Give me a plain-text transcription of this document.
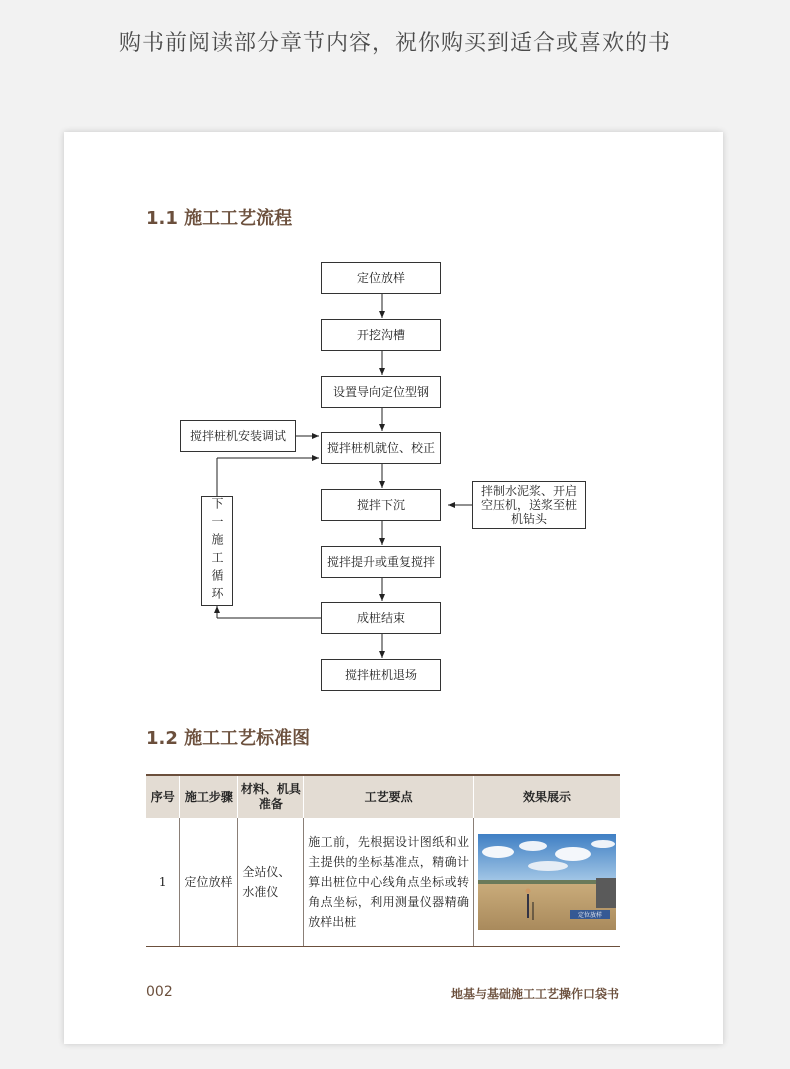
购书前阅读部分章节内容，祝你购买到适合或喜欢的书
1.1 施工工艺流程
定位放样
开挖沟槽
设置导向定位型钢
搅拌桩机就位、校正
搅拌下沉
搅拌提升或重复搅拌
成桩结束
搅拌桩机退场
搅拌桩机安装调试
拌制水泥浆、开启空压机，送浆至桩机钻头
下一施工循环
1.2 施工工艺标准图
序号	施工步骤	材料、机具准备	工艺要点	效果展示
1	定位放样	全站仪、水准仪	施工前，先根据设计图纸和业主提供的坐标基准点，精确计算出桩位中心线角点坐标或转角点坐标，利用测量仪器精确放样出桩	定位放样
002	地基与基础施工工艺操作口袋书
